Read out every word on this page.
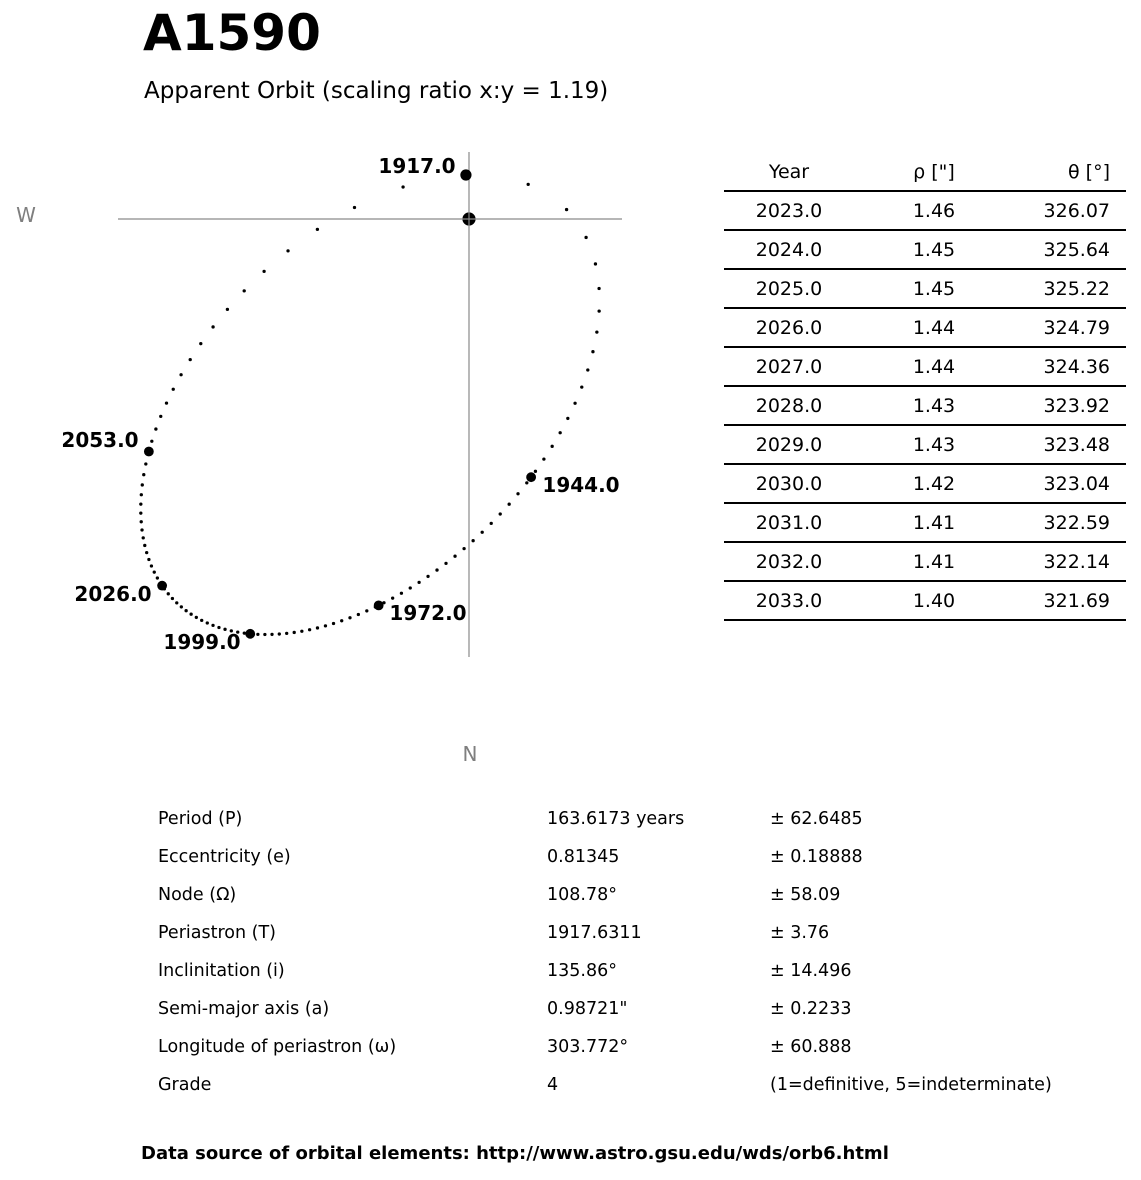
A1590
Apparent Orbit (scaling ratio x:y = 1.19)
W
N
1917.0
1944.0
1972.0
1999.0
2026.0
2053.0
Year	ρ ["]	θ [°]
2023.0	1.46	326.07
2024.0	1.45	325.64
2025.0	1.45	325.22
2026.0	1.44	324.79
2027.0	1.44	324.36
2028.0	1.43	323.92
2029.0	1.43	323.48
2030.0	1.42	323.04
2031.0	1.41	322.59
2032.0	1.41	322.14
2033.0	1.40	321.69
Period (P)	163.6173 years	± 62.6485
Eccentricity (e)	0.81345	± 0.18888
Node (Ω)	108.78°	± 58.09
Periastron (T)	1917.6311	± 3.76
Inclinitation (i)	135.86°	± 14.496
Semi-major axis (a)	0.98721"	± 0.2233
Longitude of periastron (ω)	303.772°	± 60.888
Grade	4	(1=definitive, 5=indeterminate)
Data source of orbital elements: http://www.astro.gsu.edu/wds/orb6.html
